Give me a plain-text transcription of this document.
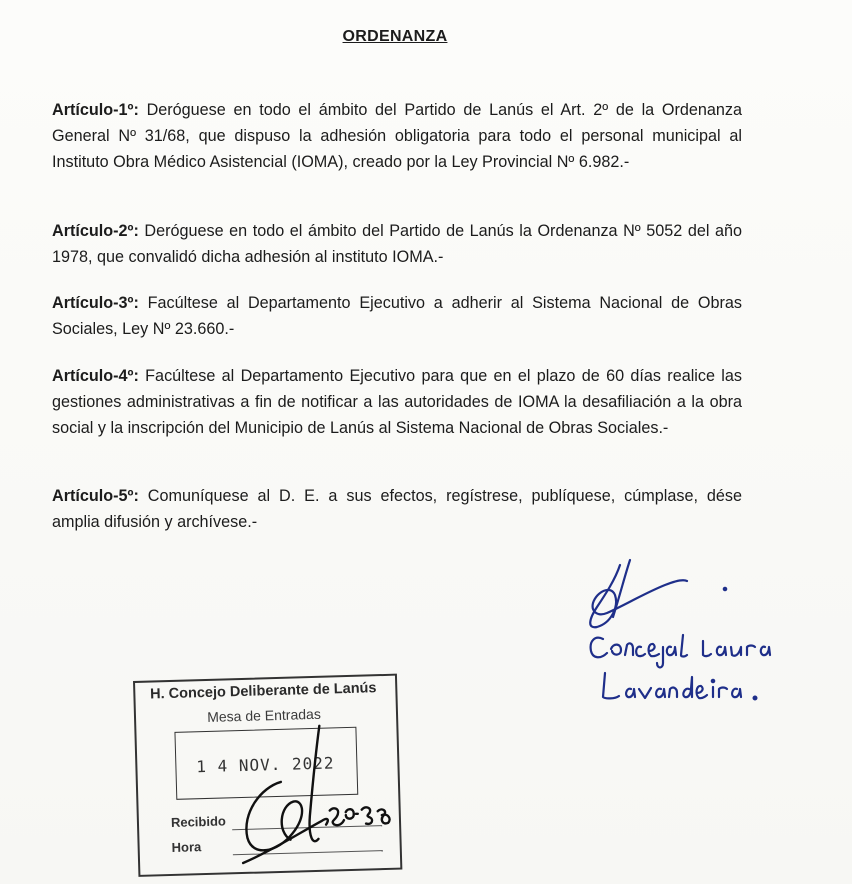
ORDENANZA
Artículo-1º: Deróguese en todo el ámbito del Partido de Lanús el Art. 2º de la Ordenanza General Nº 31/68, que dispuso la adhesión obligatoria para todo el personal municipal al Instituto Obra Médico Asistencial (IOMA), creado por la Ley Provincial Nº 6.982.-
Artículo-2º: Deróguese en todo el ámbito del Partido de Lanús la Ordenanza Nº 5052 del año 1978, que convalidó dicha adhesión al instituto IOMA.-
Artículo-3º: Facúltese al Departamento Ejecutivo a adherir al Sistema Nacional de Obras Sociales, Ley Nº 23.660.-
Artículo-4º: Facúltese al Departamento Ejecutivo para que en el plazo de 60 días realice las gestiones administrativas a fin de notificar a las autoridades de IOMA la desafiliación a la obra social y la inscripción del Municipio de Lanús al Sistema Nacional de Obras Sociales.-
Artículo-5º: Comuníquese al D. E. a sus efectos, regístrese, publíquese, cúmplase, dése amplia difusión y archívese.-
H. Concejo Deliberante de Lanús
Mesa de Entradas
1 4 NOV. 2022
Recibido
Hora
